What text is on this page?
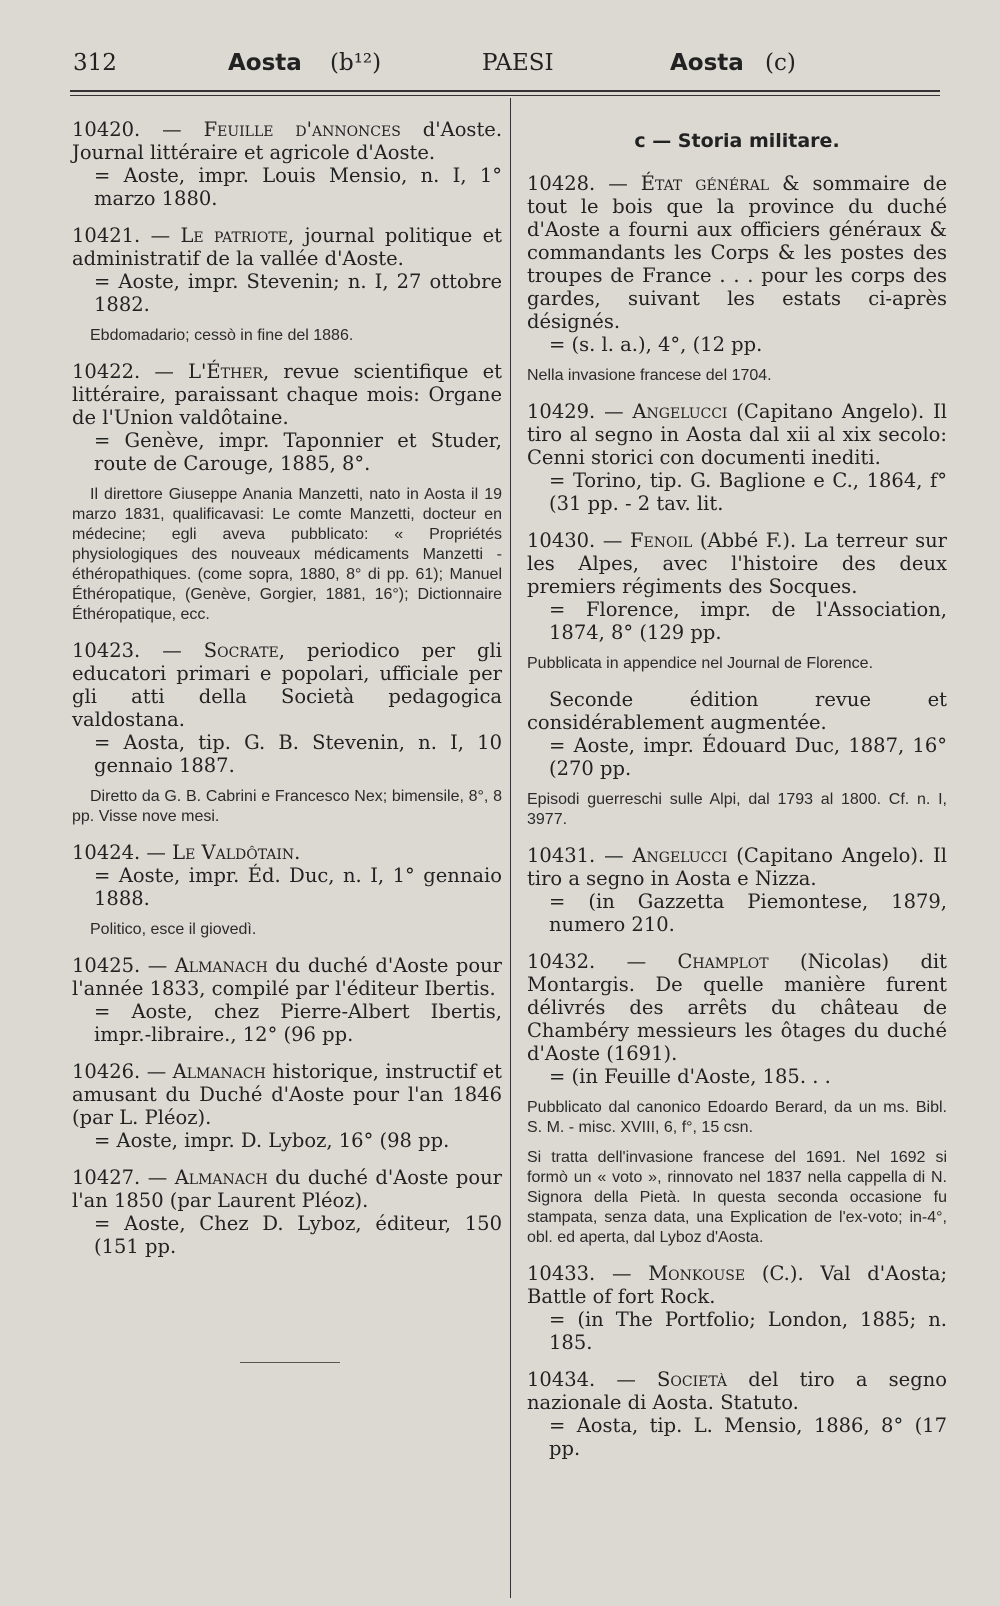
312	Aosta (b¹²)	PAESI	Aosta (c)
10420. — Feuille d'annonces d'Aoste. Journal littéraire et agricole d'Aoste.
= Aoste, impr. Louis Mensio, n. I, 1° marzo 1880.
10421. — Le patriote, journal politique et administratif de la vallée d'Aoste.
= Aoste, impr. Stevenin; n. I, 27 ottobre 1882.
Ebdomadario; cessò in fine del 1886.
10422. — L'Éther, revue scientifique et littéraire, paraissant chaque mois: Organe de l'Union valdôtaine.
= Genève, impr. Taponnier et Studer, route de Carouge, 1885, 8°.
Il direttore Giuseppe Anania Manzetti, nato in Aosta il 19 marzo 1831, qualificavasi: Le comte Manzetti, docteur en médecine; egli aveva pubblicato: « Propriétés physiologiques des nouveaux médicaments Manzetti - éthéropathiques. (come sopra, 1880, 8° di pp. 61); Manuel Éthéropatique, (Genève, Gorgier, 1881, 16°); Dictionnaire Éthéropatique, ecc.
10423. — Socrate, periodico per gli educatori primari e popolari, ufficiale per gli atti della Società pedagogica valdostana.
= Aosta, tip. G. B. Stevenin, n. I, 10 gennaio 1887.
Diretto da G. B. Cabrini e Francesco Nex; bimensile, 8°, 8 pp. Visse nove mesi.
10424. — Le Valdôtain.
= Aoste, impr. Éd. Duc, n. I, 1° gennaio 1888.
Politico, esce il giovedì.
10425. — Almanach du duché d'Aoste pour l'année 1833, compilé par l'éditeur Ibertis.
= Aoste, chez Pierre-Albert Ibertis, impr.-libraire., 12° (96 pp.
10426. — Almanach historique, instructif et amusant du Duché d'Aoste pour l'an 1846 (par L. Pléoz).
= Aoste, impr. D. Lyboz, 16° (98 pp.
10427. — Almanach du duché d'Aoste pour l'an 1850 (par Laurent Pléoz).
= Aoste, Chez D. Lyboz, éditeur, 150 (151 pp.
c — Storia militare.
10428. — État général & sommaire de tout le bois que la province du duché d'Aoste a fourni aux officiers généraux & commandants les Corps & les postes des troupes de France . . . pour les corps des gardes, suivant les estats ci-après désignés.
= (s. l. a.), 4°, (12 pp.
Nella invasione francese del 1704.
10429. — Angelucci (Capitano Angelo). Il tiro al segno in Aosta dal xii al xix secolo: Cenni storici con documenti inediti.
= Torino, tip. G. Baglione e C., 1864, f° (31 pp. - 2 tav. lit.
10430. — Fenoil (Abbé F.). La terreur sur les Alpes, avec l'histoire des deux premiers régiments des Socques.
= Florence, impr. de l'Association, 1874, 8° (129 pp.
Pubblicata in appendice nel Journal de Florence.
Seconde édition revue et considérablement augmentée.
= Aoste, impr. Édouard Duc, 1887, 16° (270 pp.
Episodi guerreschi sulle Alpi, dal 1793 al 1800. Cf. n. I, 3977.
10431. — Angelucci (Capitano Angelo). Il tiro a segno in Aosta e Nizza.
= (in Gazzetta Piemontese, 1879, numero 210.
10432. — Champlot (Nicolas) dit Montargis. De quelle manière furent délivrés des arrêts du château de Chambéry messieurs les ôtages du duché d'Aoste (1691).
= (in Feuille d'Aoste, 185. . .
Pubblicato dal canonico Edoardo Berard, da un ms. Bibl. S. M. - misc. XVIII, 6, f°, 15 csn.
Si tratta dell'invasione francese del 1691. Nel 1692 si formò un « voto », rinnovato nel 1837 nella cappella di N. Signora della Pietà. In questa seconda occasione fu stampata, senza data, una Explication de l'ex-voto; in-4°, obl. ed aperta, dal Lyboz d'Aosta.
10433. — Monkouse (C.). Val d'Aosta; Battle of fort Rock.
= (in The Portfolio; London, 1885; n. 185.
10434. — Società del tiro a segno nazionale di Aosta. Statuto.
= Aosta, tip. L. Mensio, 1886, 8° (17 pp.
